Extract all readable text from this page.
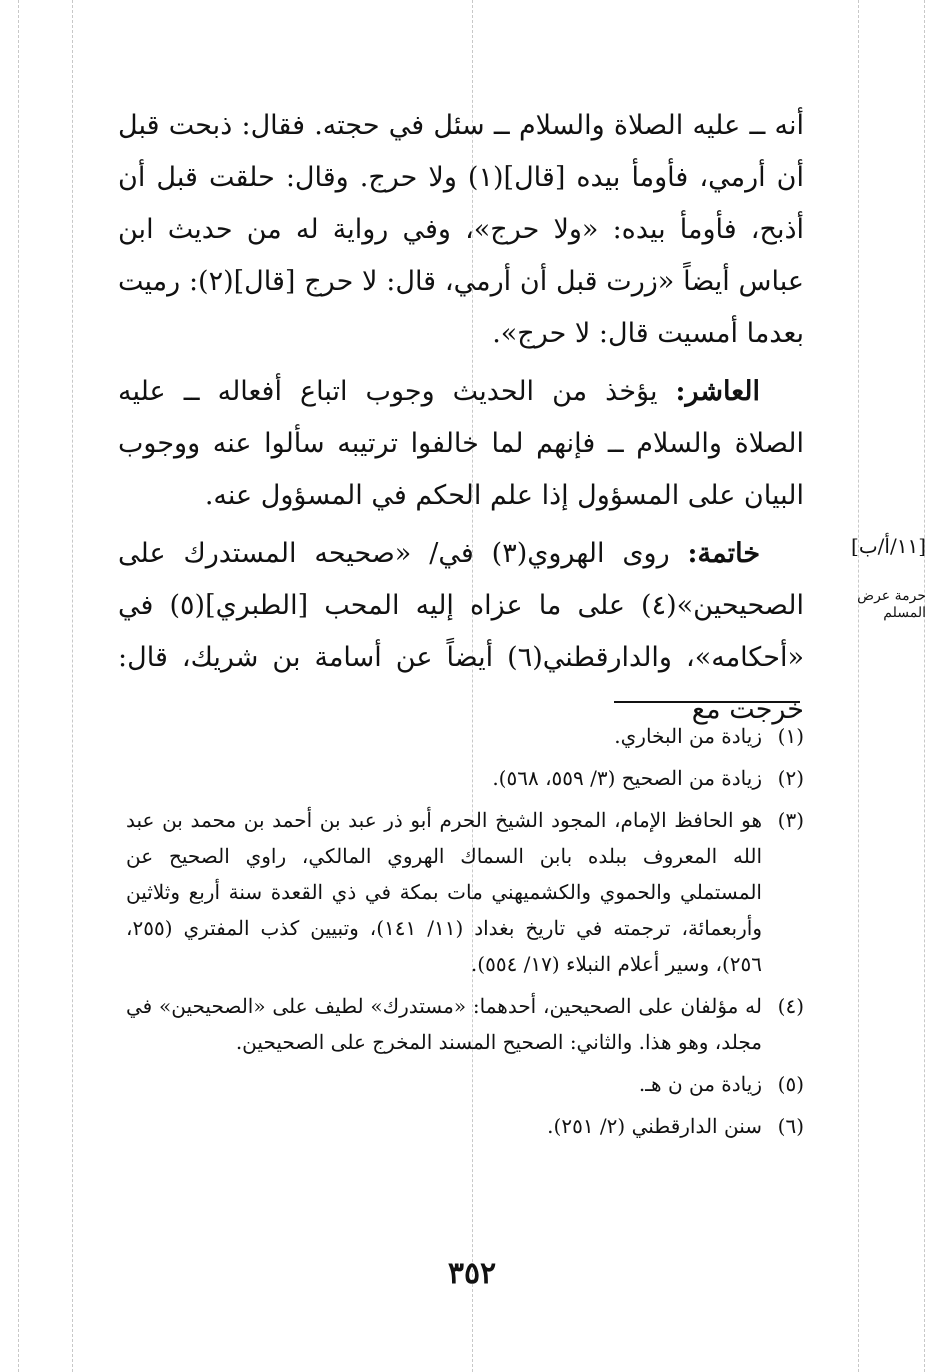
أنه ــ عليه الصلاة والسلام ــ سئل في حجته. فقال: ذبحت قبل أن أرمي، فأومأ بيده [قال](١) ولا حرج. وقال: حلقت قبل أن أذبح، فأومأ بيده: «ولا حرج»، وفي رواية له من حديث ابن عباس أيضاً «زرت قبل أن أرمي، قال: لا حرج [قال](٢): رميت بعدما أمسيت قال: لا حرج».

العاشر: يؤخذ من الحديث وجوب اتباع أفعاله ــ عليه الصلاة والسلام ــ فإنهم لما خالفوا ترتيبه سألوا عنه ووجوب البيان على المسؤول إذا علم الحكم في المسؤول عنه.

خاتمة: روى الهروي(٣) في/ «صحيحه المستدرك على الصحيحين»(٤) على ما عزاه إليه المحب [الطبري](٥) في «أحكامه»، والدارقطني(٦) أيضاً عن أسامة بن شريك، قال: خرجت مع

[١١/أ/ب]
حرمة عرض المسلم
(١)
زيادة من البخاري.
(٢)
زيادة من الصحيح (٣/ ٥٥٩، ٥٦٨).
(٣)
هو الحافظ الإمام، المجود الشيخ الحرم أبو ذر عبد بن أحمد بن محمد بن عبد الله المعروف ببلده بابن السماك الهروي المالكي، راوي الصحيح عن المستملي والحموي والكشميهني مات بمكة في ذي القعدة سنة أربع وثلاثين وأربعمائة، ترجمته في تاريخ بغداد (١١/ ١٤١)، وتبيين كذب المفتري (٢٥٥، ٢٥٦)، وسير أعلام النبلاء (١٧/ ٥٥٤).
(٤)
له مؤلفان على الصحيحين، أحدهما: «مستدرك» لطيف على «الصحيحين» في مجلد، وهو هذا. والثاني: الصحيح المسند المخرج على الصحيحين.
(٥)
زيادة من ن هـ.
(٦)
سنن الدارقطني (٢/ ٢٥١).
٣٥٢
